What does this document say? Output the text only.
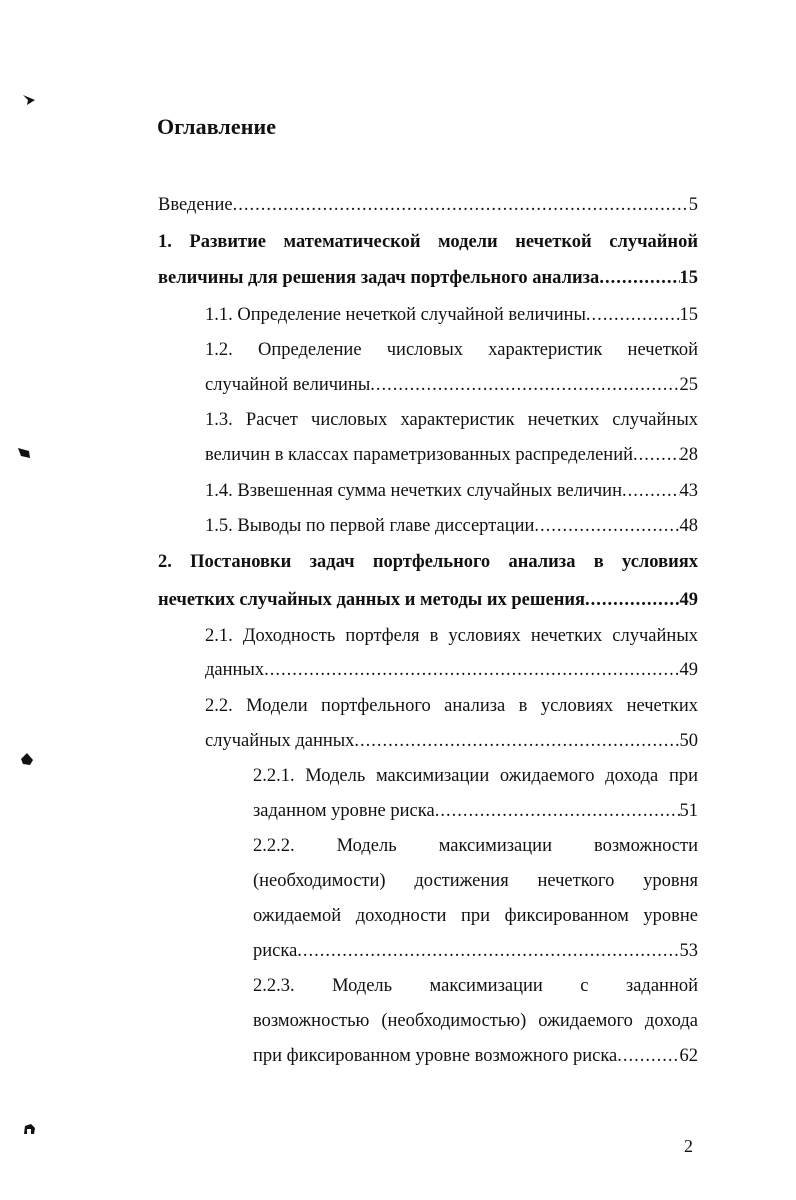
Оглавление
Введение .....	5
1. Развитие математической модели нечеткой случайной
величины для решения задач портфельного анализа .....	15
1.1. Определение нечеткой случайной величины .....	15
1.2. Определение числовых характеристик нечеткой
случайной величины .....	25
1.3. Расчет числовых характеристик нечетких случайных
величин в классах параметризованных распределений .....	28
1.4. Взвешенная сумма нечетких случайных величин .....	43
1.5. Выводы по первой главе диссертации .....	48
2. Постановки задач портфельного анализа в условиях
нечетких случайных данных и методы их решения .....	49
2.1. Доходность портфеля в условиях нечетких случайных
данных .....	49
2.2. Модели портфельного анализа в условиях нечетких
случайных данных .....	50
2.2.1. Модель максимизации ожидаемого дохода при
заданном уровне риска .....	51
2.2.2. Модель максимизации возможности
(необходимости) достижения нечеткого уровня
ожидаемой доходности при фиксированном уровне
риска .....	53
2.2.3. Модель максимизации с заданной
возможностью (необходимостью) ожидаемого дохода
при фиксированном уровне возможного риска .....	62
2
